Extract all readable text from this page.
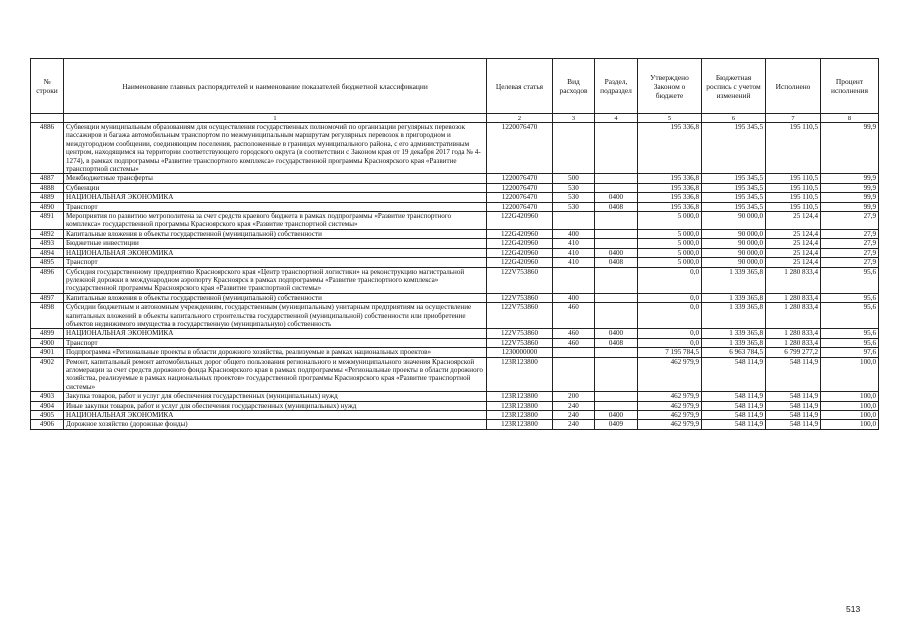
№ строки	Наименование главных распорядителей и наименование показателей бюджетной классификации	Целевая статья	Вид расходов	Раздел, подраздел	Утверждено Законом о бюджете	Бюджетная роспись с учетом изменений	Исполнено	Процент исполнения
	1	2	3	4	5	6	7	8
4886	Субвенции муниципальным образованиям для осуществления государственных полномочий по организации регулярных перевозок пассажиров и багажа автомобильным транспортом по межмуниципальным маршрутам регулярных перевозок в пригородном и междугородном сообщении, соединяющим поселения, расположенные в границах муниципального района, с его административным центром, находящимся на территории соответствующего городского округа (в соответствии с Законом края от 19 декабря 2017 года № 4-1274), в рамках подпрограммы «Развитие транспортного комплекса» государственной программы Красноярского края «Развитие транспортной системы»	1220076470			195 336,8	195 345,5	195 110,5	99,9
4887	Межбюджетные трансферты	1220076470	500		195 336,8	195 345,5	195 110,5	99,9
4888	Субвенции	1220076470	530		195 336,8	195 345,5	195 110,5	99,9
4889	НАЦИОНАЛЬНАЯ ЭКОНОМИКА	1220076470	530	0400	195 336,8	195 345,5	195 110,5	99,9
4890	Транспорт	1220076470	530	0408	195 336,8	195 345,5	195 110,5	99,9
4891	Мероприятия по развитию метрополитена за счет средств краевого бюджета в рамках подпрограммы «Развитие транспортного комплекса» государственной программы Красноярского края «Развитие транспортной системы»	122G420960			5 000,0	90 000,0	25 124,4	27,9
4892	Капитальные вложения в объекты государственной (муниципальной) собственности	122G420960	400		5 000,0	90 000,0	25 124,4	27,9
4893	Бюджетные инвестиции	122G420960	410		5 000,0	90 000,0	25 124,4	27,9
4894	НАЦИОНАЛЬНАЯ ЭКОНОМИКА	122G420960	410	0400	5 000,0	90 000,0	25 124,4	27,9
4895	Транспорт	122G420960	410	0408	5 000,0	90 000,0	25 124,4	27,9
4896	Субсидия государственному предприятию Красноярского края «Центр транспортной логистики» на реконструкцию магистральной рулежной дорожки в международном аэропорту Красноярск в рамках подпрограммы «Развитие транспортного комплекса» государственной программы Красноярского края «Развитие транспортной системы»	122V753860			0,0	1 339 365,8	1 280 833,4	95,6
4897	Капитальные вложения в объекты государственной (муниципальной) собственности	122V753860	400		0,0	1 339 365,8	1 280 833,4	95,6
4898	Субсидии бюджетным и автономным учреждениям, государственным (муниципальным) унитарным предприятиям на осуществление капитальных вложений в объекты капитального строительства государственной (муниципальной) собственности или приобретение объектов недвижимого имущества в государственную (муниципальную) собственность	122V753860	460		0,0	1 339 365,8	1 280 833,4	95,6
4899	НАЦИОНАЛЬНАЯ ЭКОНОМИКА	122V753860	460	0400	0,0	1 339 365,8	1 280 833,4	95,6
4900	Транспорт	122V753860	460	0408	0,0	1 339 365,8	1 280 833,4	95,6
4901	Подпрограмма «Региональные проекты в области дорожного хозяйства, реализуемые в рамках национальных проектов»	1230000000			7 195 784,5	6 963 784,5	6 799 277,2	97,6
4902	Ремонт, капитальный ремонт автомобильных дорог общего пользования регионального и межмуниципального значения Красноярской агломерации за счет средств дорожного фонда Красноярского края в рамках подпрограммы «Региональные проекты в области дорожного хозяйства, реализуемые в рамках национальных проектов» государственной программы Красноярского края «Развитие транспортной системы»	123R123800			462 979,9	548 114,9	548 114,9	100,0
4903	Закупка товаров, работ и услуг для обеспечения государственных (муниципальных) нужд	123R123800	200		462 979,9	548 114,9	548 114,9	100,0
4904	Иные закупки товаров, работ и услуг для обеспечения государственных (муниципальных) нужд	123R123800	240		462 979,9	548 114,9	548 114,9	100,0
4905	НАЦИОНАЛЬНАЯ ЭКОНОМИКА	123R123800	240	0400	462 979,9	548 114,9	548 114,9	100,0
4906	Дорожное хозяйство (дорожные фонды)	123R123800	240	0409	462 979,9	548 114,9	548 114,9	100,0
513
